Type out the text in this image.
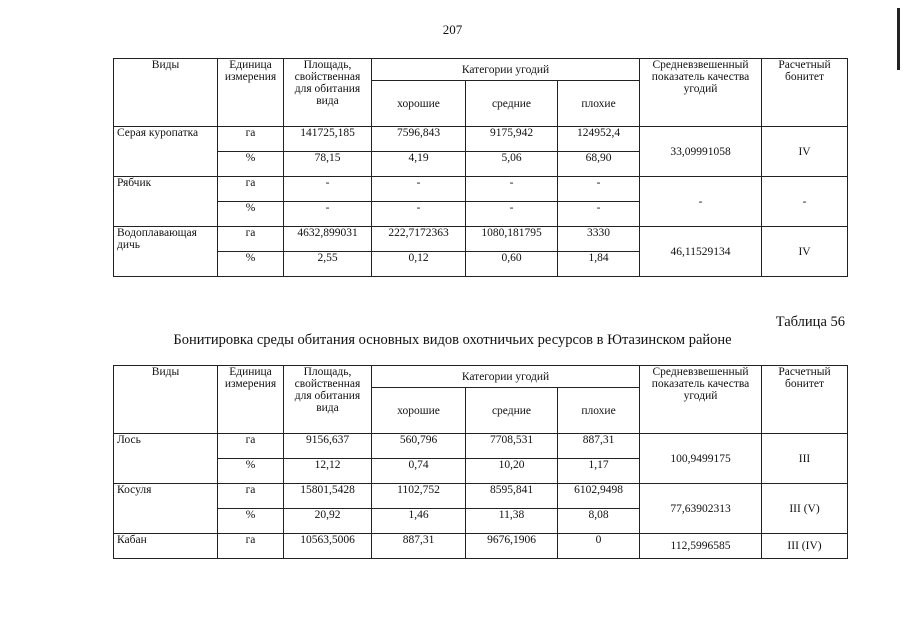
207
Виды	Единица измерения	Площадь, свойственная для обитания вида	Категории угодий			Средневзвешенный показатель качества угодий	Расчетный бонитет
			хорошие	средние	плохие		
Серая куропатка	га	141725,185	7596,843	9175,942	124952,4	33,09991058	IV
	%	78,15	4,19	5,06	68,90		
Рябчик	га	-	-	-	-	-	-
	%	-	-	-	-		
Водоплавающая дичь	га	4632,899031	222,7172363	1080,181795	3330	46,11529134	IV
	%	2,55	0,12	0,60	1,84		
Таблица 56
Бонитировка среды обитания основных видов охотничьих ресурсов в Ютазинском районе
Виды	Единица измерения	Площадь, свойственная для обитания вида	Категории угодий			Средневзвешенный показатель качества угодий	Расчетный бонитет
			хорошие	средние	плохие		
Лось	га	9156,637	560,796	7708,531	887,31	100,9499175	III
	%	12,12	0,74	10,20	1,17		
Косуля	га	15801,5428	1102,752	8595,841	6102,9498	77,63902313	III (V)
	%	20,92	1,46	11,38	8,08		
Кабан	га	10563,5006	887,31	9676,1906	0	112,5996585	III (IV)
